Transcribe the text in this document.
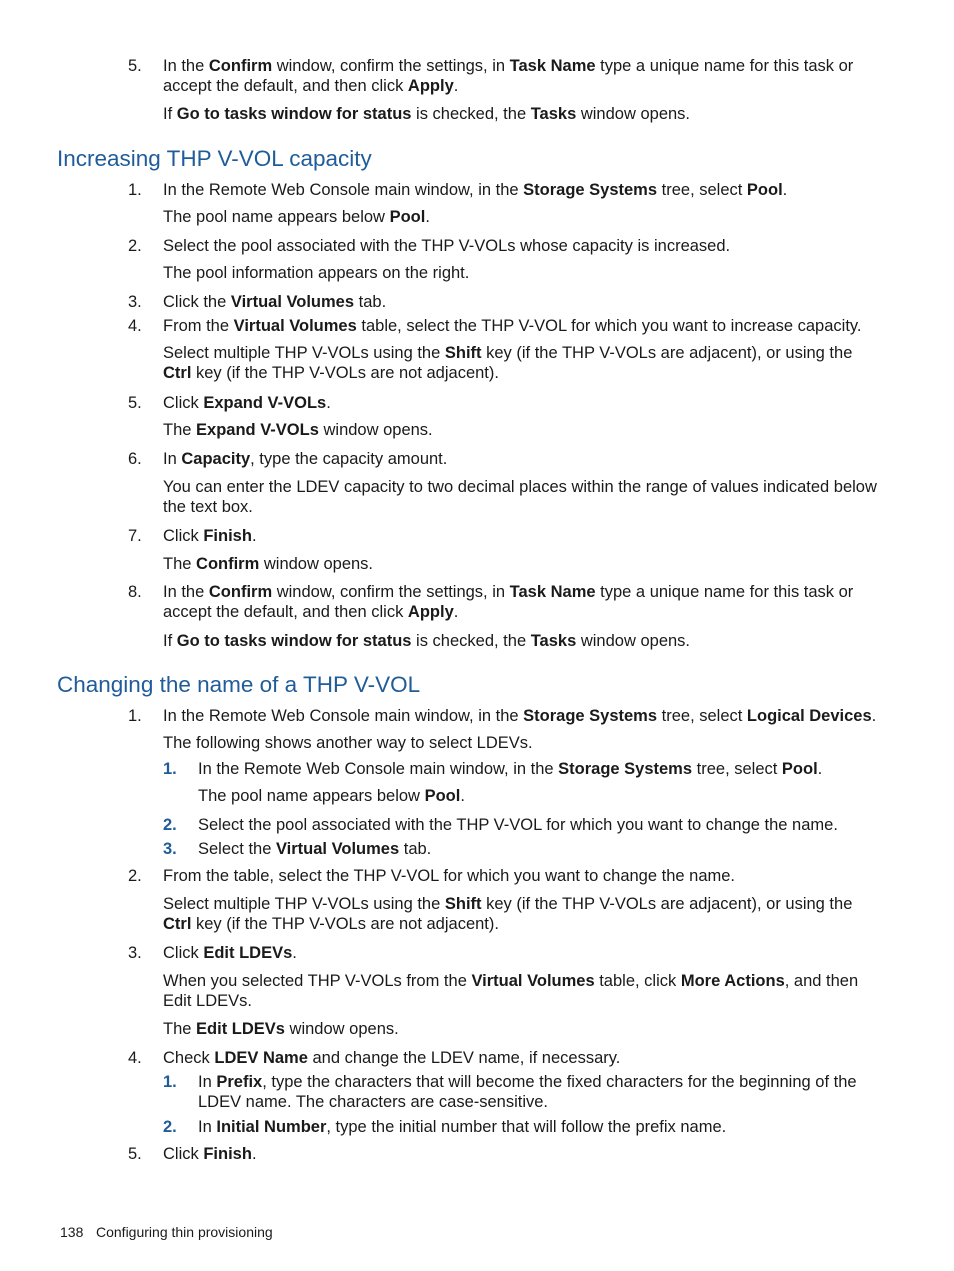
5. In the Confirm window, confirm the settings, in Task Name type a unique name for this task or accept the default, and then click Apply.
If Go to tasks window for status is checked, the Tasks window opens.
Increasing THP V-VOL capacity
1. In the Remote Web Console main window, in the Storage Systems tree, select Pool.
The pool name appears below Pool.
2. Select the pool associated with the THP V-VOLs whose capacity is increased.
The pool information appears on the right.
3. Click the Virtual Volumes tab.
4. From the Virtual Volumes table, select the THP V-VOL for which you want to increase capacity.
Select multiple THP V-VOLs using the Shift key (if the THP V-VOLs are adjacent), or using the Ctrl key (if the THP V-VOLs are not adjacent).
5. Click Expand V-VOLs.
The Expand V-VOLs window opens.
6. In Capacity, type the capacity amount.
You can enter the LDEV capacity to two decimal places within the range of values indicated below the text box.
7. Click Finish.
The Confirm window opens.
8. In the Confirm window, confirm the settings, in Task Name type a unique name for this task or accept the default, and then click Apply.
If Go to tasks window for status is checked, the Tasks window opens.
Changing the name of a THP V-VOL
1. In the Remote Web Console main window, in the Storage Systems tree, select Logical Devices.
The following shows another way to select LDEVs.
1. In the Remote Web Console main window, in the Storage Systems tree, select Pool.
The pool name appears below Pool.
2. Select the pool associated with the THP V-VOL for which you want to change the name.
3. Select the Virtual Volumes tab.
2. From the table, select the THP V-VOL for which you want to change the name.
Select multiple THP V-VOLs using the Shift key (if the THP V-VOLs are adjacent), or using the Ctrl key (if the THP V-VOLs are not adjacent).
3. Click Edit LDEVs.
When you selected THP V-VOLs from the Virtual Volumes table, click More Actions, and then Edit LDEVs.
The Edit LDEVs window opens.
4. Check LDEV Name and change the LDEV name, if necessary.
1. In Prefix, type the characters that will become the fixed characters for the beginning of the LDEV name. The characters are case-sensitive.
2. In Initial Number, type the initial number that will follow the prefix name.
5. Click Finish.
138 Configuring thin provisioning
